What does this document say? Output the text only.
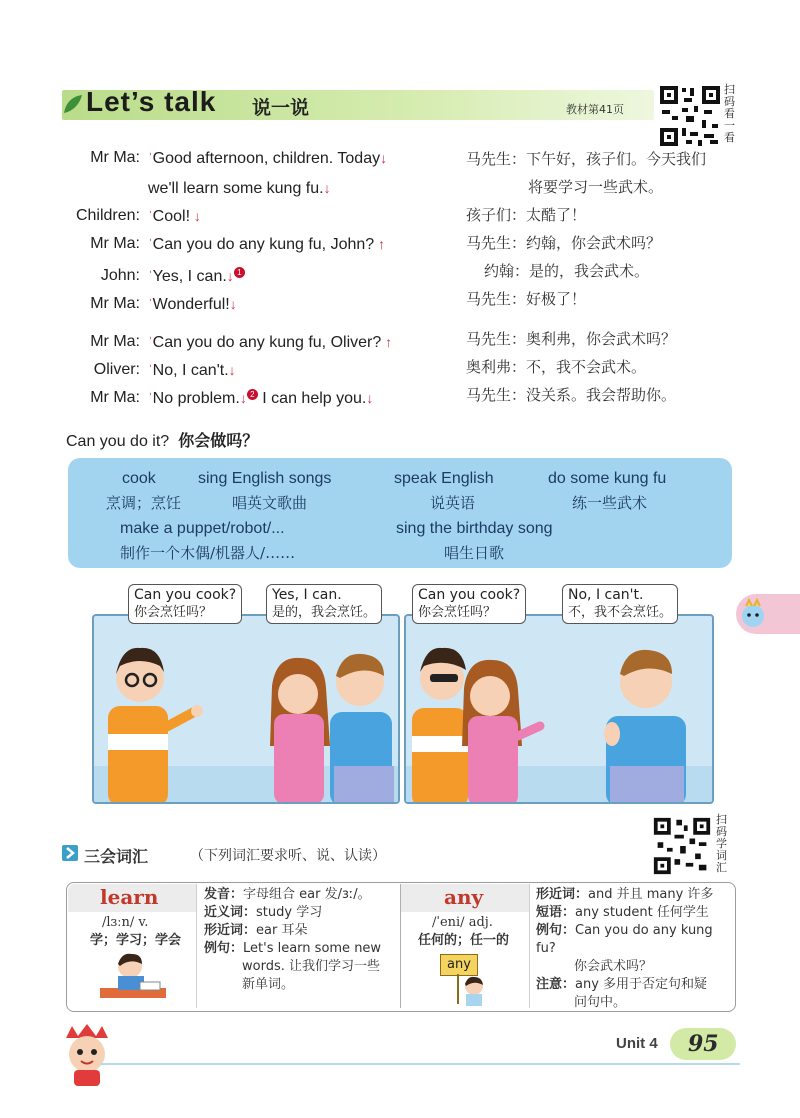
Let’s talk 说一说	教材第41页
扫码看一看
Mr Ma: ˈGood afternoon, children. Today↓
we'll learn some kung fu.↓
Children: ˈCool! ↓
Mr Ma: ˈCan you do any kung fu, John? ↑
John: ˈYes, I can.↓ 1
Mr Ma: ˈWonderful!↓
Mr Ma: ˈCan you do any kung fu, Oliver? ↑
Oliver: ˈNo, I can't.↓
Mr Ma: ˈNo problem.↓ 2 I can help you.↓
马先生：下午好，孩子们。今天我们
将要学习一些武术。
孩子们：太酷了！
马先生：约翰，你会武术吗？
约翰：是的，我会武术。
马先生：好极了！
马先生：奥利弗，你会武术吗？
奥利弗：不，我不会武术。
马先生：没关系。我会帮助你。
Can you do it? 你会做吗？
cook
烹调；烹饪
sing English songs
唱英文歌曲
speak English
说英语
do some kung fu
练一些武术
make a puppet/robot/...
制作一个木偶/机器人/……
sing the birthday song
唱生日歌
Can you cook?
你会烹饪吗？
Yes, I can.
是的，我会烹饪。
Can you cook?
你会烹饪吗？
No, I can't.
不，我不会烹饪。
三会词汇	（下列词汇要求听、说、认读）
扫码学词汇
learn
/lɜːn/ v.
学；学习；学会
发音：字母组合 ear 发/ɜː/。
近义词：study 学习
形近词：ear 耳朵
例句：Let's learn some new
words. 让我们学习一些
新单词。
any
/ˈeni/ adj.
任何的；任一的
any
形近词：and 并且 many 许多
短语：any student 任何学生
例句：Can you do any kung fu?
你会武术吗？
注意：any 多用于否定句和疑
问句中。
Unit 4 95
